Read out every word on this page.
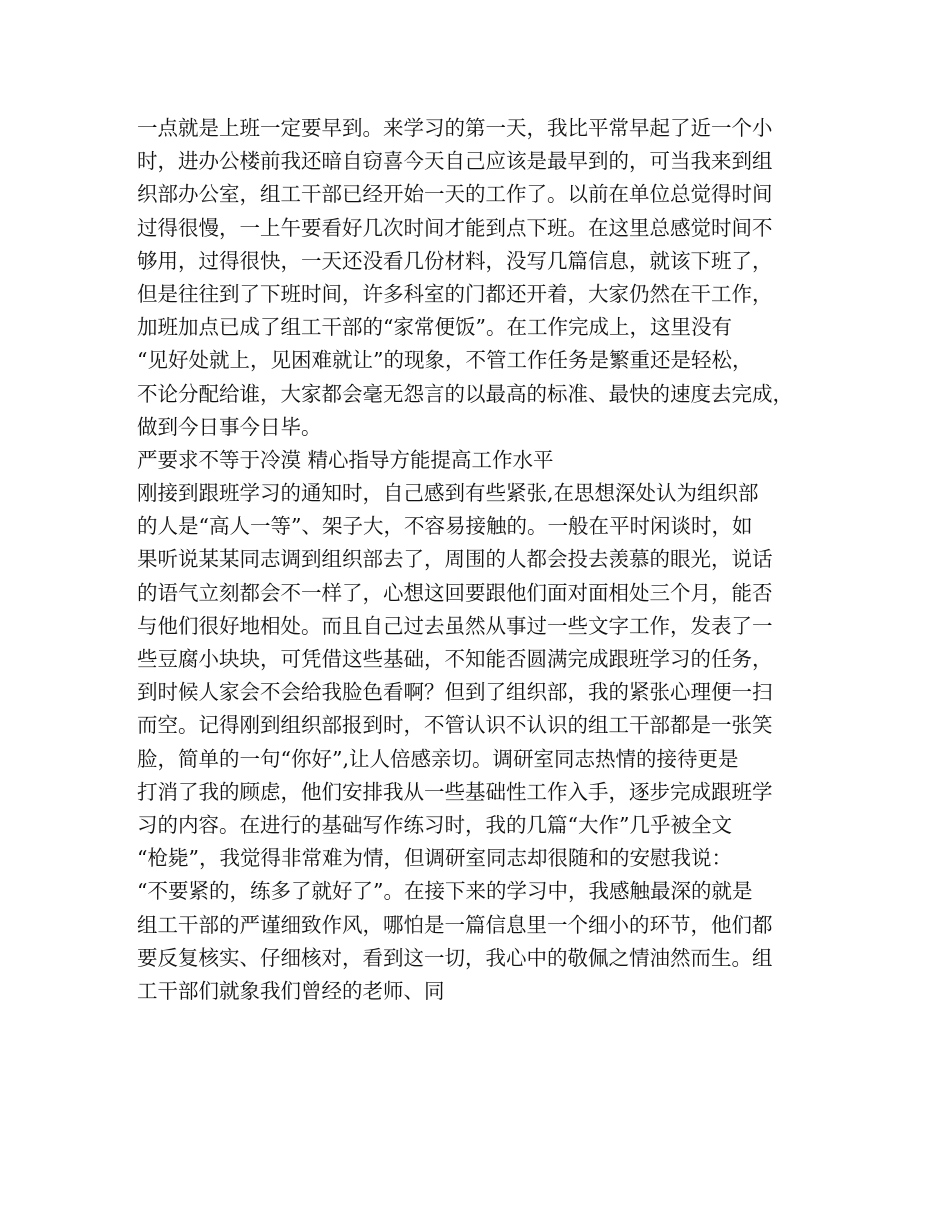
一点就是上班一定要早到。来学习的第一天，我比平常早起了近一个小
时，进办公楼前我还暗自窃喜今天自己应该是最早到的，可当我来到组
织部办公室，组工干部已经开始一天的工作了。以前在单位总觉得时间
过得很慢，一上午要看好几次时间才能到点下班。在这里总感觉时间不
够用，过得很快，一天还没看几份材料，没写几篇信息，就该下班了，
但是往往到了下班时间，许多科室的门都还开着，大家仍然在干工作，
加班加点已成了组工干部的“家常便饭”。在工作完成上，这里没有
“见好处就上，见困难就让”的现象，不管工作任务是繁重还是轻松，
不论分配给谁，大家都会毫无怨言的以最高的标准、最快的速度去完成，
做到今日事今日毕。
严要求不等于冷漠 精心指导方能提高工作水平
刚接到跟班学习的通知时，自己感到有些紧张,在思想深处认为组织部
的人是“高人一等”、架子大，不容易接触的。一般在平时闲谈时，如
果听说某某同志调到组织部去了，周围的人都会投去羡慕的眼光，说话
的语气立刻都会不一样了，心想这回要跟他们面对面相处三个月，能否
与他们很好地相处。而且自己过去虽然从事过一些文字工作，发表了一
些豆腐小块块，可凭借这些基础，不知能否圆满完成跟班学习的任务，
到时候人家会不会给我脸色看啊？但到了组织部，我的紧张心理便一扫
而空。记得刚到组织部报到时，不管认识不认识的组工干部都是一张笑
脸，简单的一句“你好”,让人倍感亲切。调研室同志热情的接待更是
打消了我的顾虑，他们安排我从一些基础性工作入手，逐步完成跟班学
习的内容。在进行的基础写作练习时，我的几篇“大作”几乎被全文
“枪毙”，我觉得非常难为情，但调研室同志却很随和的安慰我说：
“不要紧的，练多了就好了”。在接下来的学习中，我感触最深的就是
组工干部的严谨细致作风，哪怕是一篇信息里一个细小的环节，他们都
要反复核实、仔细核对，看到这一切，我心中的敬佩之情油然而生。组
工干部们就象我们曾经的老师、同
